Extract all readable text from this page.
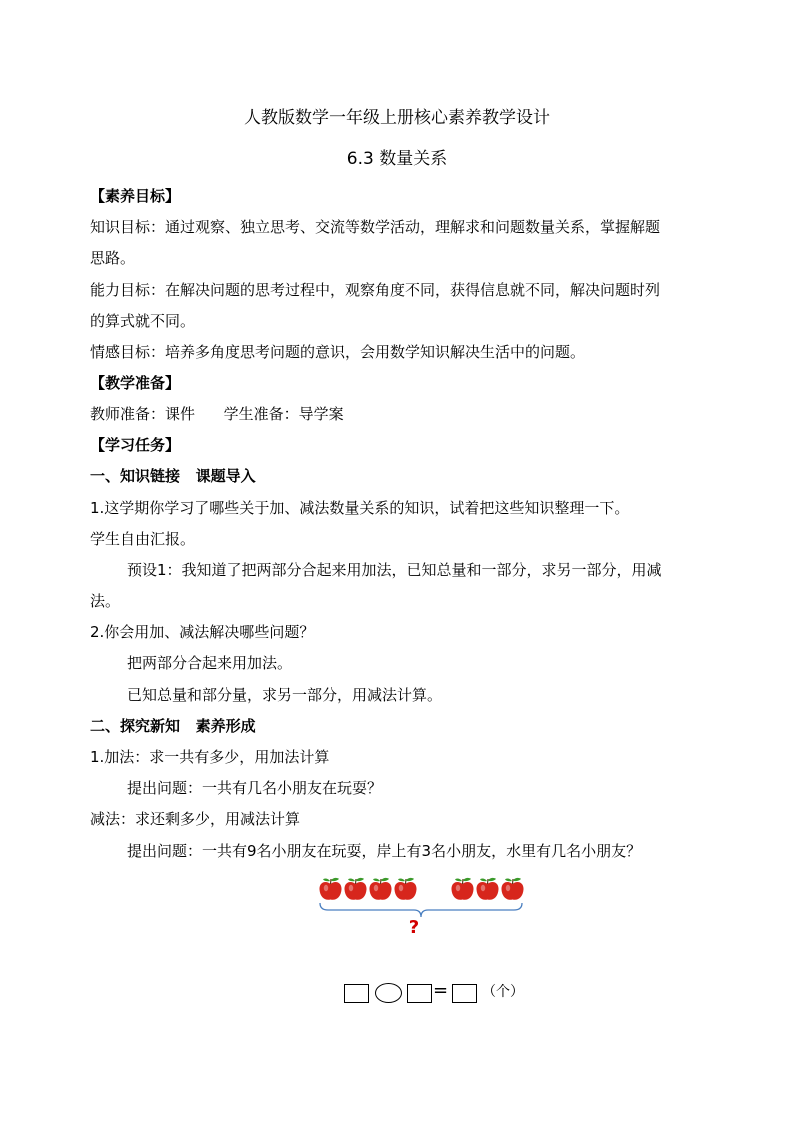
人教版数学一年级上册核心素养教学设计
6.3 数量关系
【素养目标】
知识目标：通过观察、独立思考、交流等数学活动，理解求和问题数量关系，掌握解题
思路。
能力目标：在解决问题的思考过程中，观察角度不同，获得信息就不同，解决问题时列
的算式就不同。
情感目标：培养多角度思考问题的意识，会用数学知识解决生活中的问题。
【教学准备】
教师准备：课件      学生准备：导学案
【学习任务】
一、知识链接   课题导入
1.这学期你学习了哪些关于加、减法数量关系的知识，试着把这些知识整理一下。
学生自由汇报。
预设1：我知道了把两部分合起来用加法，已知总量和一部分，求另一部分，用减
法。
2.你会用加、减法解决哪些问题？
把两部分合起来用加法。
已知总量和部分量，求另一部分，用减法计算。
二、探究新知   素养形成
1.加法：求一共有多少，用加法计算
提出问题：一共有几名小朋友在玩耍？
减法：求还剩多少，用减法计算
提出问题：一共有9名小朋友在玩耍，岸上有3名小朋友，水里有几名小朋友？
?
= （个）
